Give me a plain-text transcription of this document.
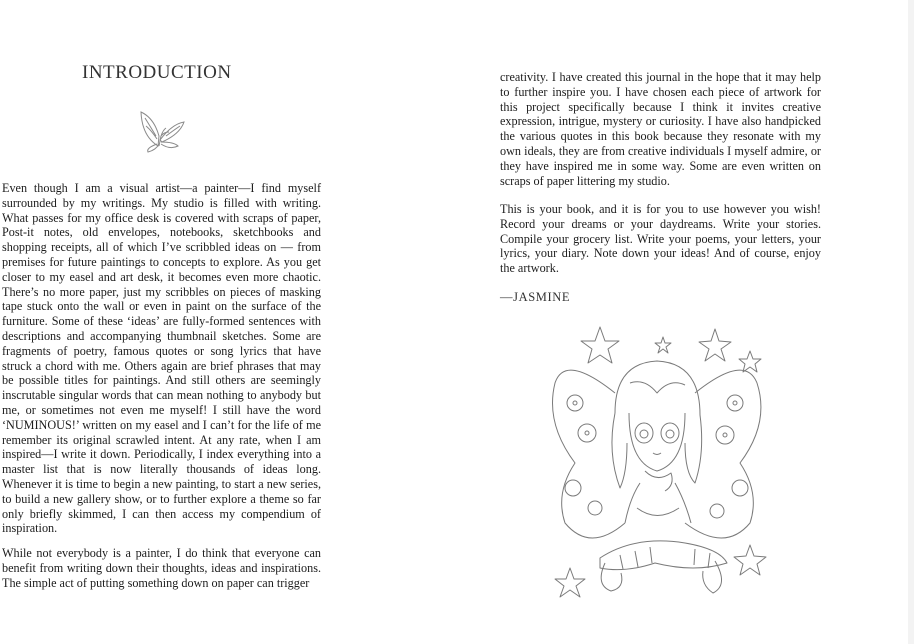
INTRODUCTION

Even though I am a visual artist—a painter—I find myself surrounded by my writings. My studio is filled with writing. What passes for my office desk is covered with scraps of paper, Post-it notes, old envelopes, notebooks, sketchbooks and shopping receipts, all of which I’ve scribbled ideas on — from premises for future paintings to concepts to explore. As you get closer to my easel and art desk, it becomes even more chaotic. There’s no more paper, just my scribbles on pieces of masking tape stuck onto the wall or even in paint on the surface of the furniture. Some of these ‘ideas’ are fully-formed sentences with descriptions and accompanying thumbnail sketches. Some are fragments of poetry, famous quotes or song lyrics that have struck a chord with me. Others again are brief phrases that may be possible titles for paintings. And still others are seemingly inscrutable singular words that can mean nothing to anybody but me, or sometimes not even me myself! I still have the word ‘NUMINOUS!’ written on my easel and I can’t for the life of me remember its original scrawled intent. At any rate, when I am inspired—I write it down. Periodically, I index everything into a master list that is now literally thousands of ideas long. Whenever it is time to begin a new painting, to start a new series, to build a new gallery show, or to further explore a theme so far only briefly skimmed, I can then access my compendium of inspiration.

While not everybody is a painter, I do think that everyone can benefit from writing down their thoughts, ideas and inspirations. The simple act of putting something down on paper can trigger

creativity. I have created this journal in the hope that it may help to further inspire you. I have chosen each piece of artwork for this project specifically because I think it invites creative expression, intrigue, mystery or curiosity. I have also handpicked the various quotes in this book because they resonate with my own ideals, they are from creative individuals I myself admire, or they have inspired me in some way. Some are even written on scraps of paper littering my studio.

This is your book, and it is for you to use however you wish! Record your dreams or your daydreams. Write your stories. Compile your grocery list. Write your poems, your letters, your lyrics, your diary. Note down your ideas! And of course, enjoy the artwork.

—JASMINE
